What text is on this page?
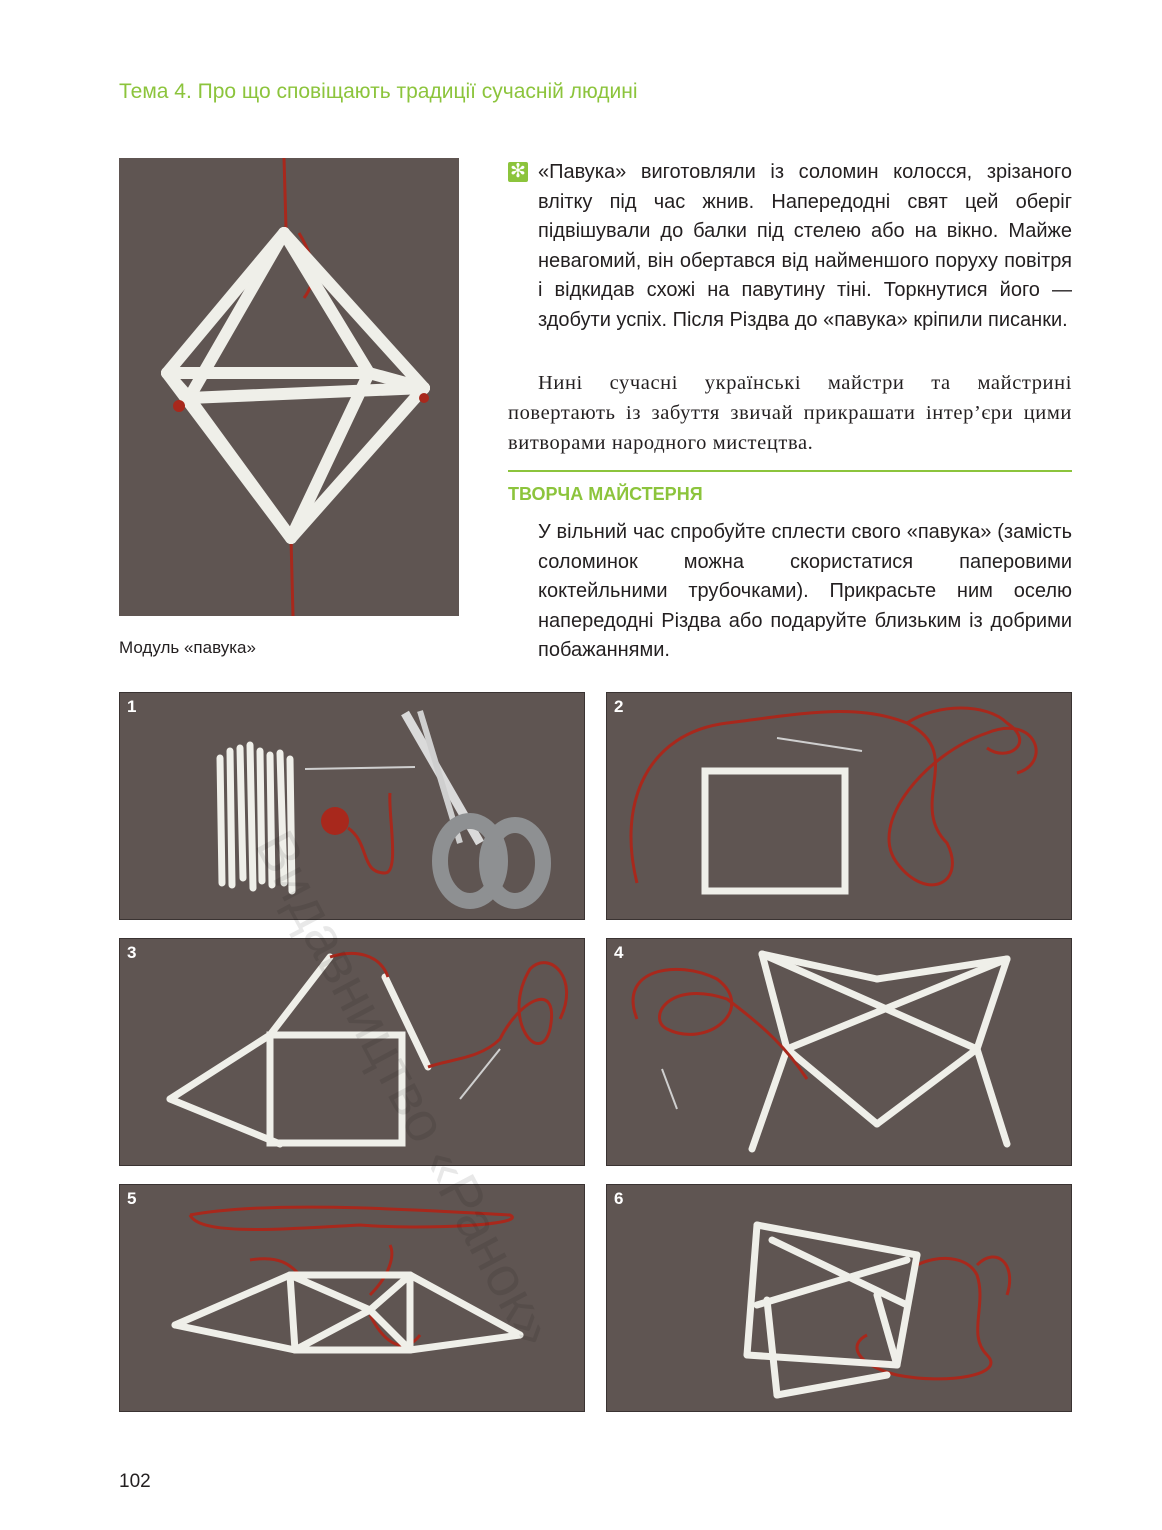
Тема 4. Про що сповіщають традиції сучасній людині
Модуль «павука»
✻ «Павука» виготовляли із соломин колосся, зрізаного влітку під час жнив. Напередодні свят цей оберіг підвішували до балки під стелею або на вікно. Майже невагомий, він обертався від найменшого поруху повітря і відкидав схожі на павутину тіні. Торкнутися його — здобути успіх. Після Різдва до «павука» кріпили писанки.

Нині сучасні українські майстри та майстрині повертають із забуття звичай прикрашати інтер’єри цими витворами народного мистецтва.

ТВОРЧА МАЙСТЕРНЯ

У вільний час спробуйте сплести свого «павука» (замість соломинок можна скористатися паперовими коктейльними трубочками). Прикрасьте ним оселю напередодні Різдва або подаруйте близьким із добрими побажаннями.

1	2
3	4
5	6
102
